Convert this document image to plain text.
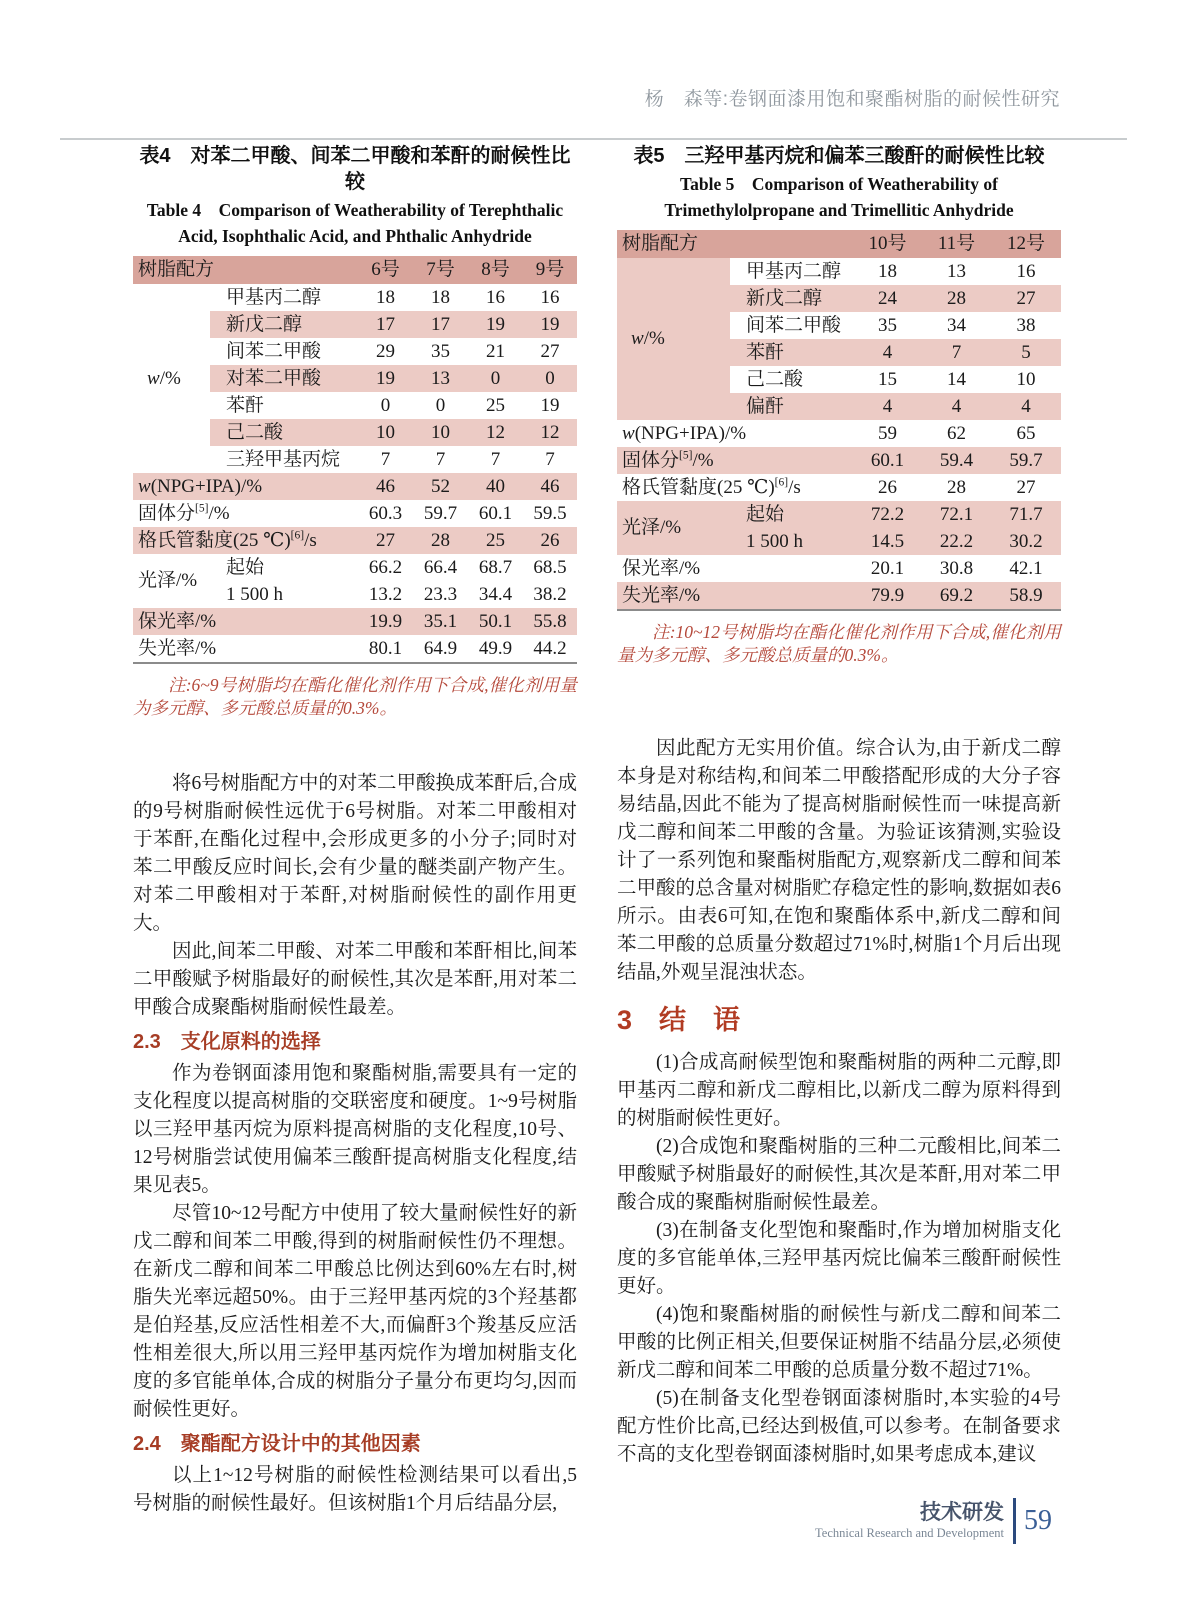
杨　森等:卷钢面漆用饱和聚酯树脂的耐候性研究

表4　对苯二甲酸、间苯二甲酸和苯酐的耐候性比较

Table 4　Comparison of Weatherability of Terephthalic

Acid, Isophthalic Acid, and Phthalic Anhydride

树脂配方		6号	7号	8号	9号
w/%	甲基丙二醇	18	18	16	16
	新戊二醇	17	17	19	19
	间苯二甲酸	29	35	21	27
	对苯二甲酸	19	13	0	0
	苯酐	0	0	25	19
	己二酸	10	10	12	12
	三羟甲基丙烷	7	7	7	7
w(NPG+IPA)/%		46	52	40	46
固体分[5]/%		60.3	59.7	60.1	59.5
格氏管黏度(25 ℃)[6]/s		27	28	25	26
光泽/%	起始	66.2	66.4	68.7	68.5
	1 500 h	13.2	23.3	34.4	38.2
保光率/%		19.9	35.1	50.1	55.8
失光率/%		80.1	64.9	49.9	44.2

注:6~9号树脂均在酯化催化剂作用下合成,催化剂用量为多元醇、多元酸总质量的0.3%。

将6号树脂配方中的对苯二甲酸换成苯酐后,合成的9号树脂耐候性远优于6号树脂。对苯二甲酸相对于苯酐,在酯化过程中,会形成更多的小分子;同时对苯二甲酸反应时间长,会有少量的醚类副产物产生。对苯二甲酸相对于苯酐,对树脂耐候性的副作用更大。

因此,间苯二甲酸、对苯二甲酸和苯酐相比,间苯二甲酸赋予树脂最好的耐候性,其次是苯酐,用对苯二甲酸合成聚酯树脂耐候性最差。

2.3　支化原料的选择

作为卷钢面漆用饱和聚酯树脂,需要具有一定的支化程度以提高树脂的交联密度和硬度。1~9号树脂以三羟甲基丙烷为原料提高树脂的支化程度,10号、12号树脂尝试使用偏苯三酸酐提高树脂支化程度,结果见表5。

尽管10~12号配方中使用了较大量耐候性好的新戊二醇和间苯二甲酸,得到的树脂耐候性仍不理想。在新戊二醇和间苯二甲酸总比例达到60%左右时,树脂失光率远超50%。由于三羟甲基丙烷的3个羟基都是伯羟基,反应活性相差不大,而偏酐3个羧基反应活性相差很大,所以用三羟甲基丙烷作为增加树脂支化度的多官能单体,合成的树脂分子量分布更均匀,因而耐候性更好。

2.4　聚酯配方设计中的其他因素

以上1~12号树脂的耐候性检测结果可以看出,5号树脂的耐候性最好。但该树脂1个月后结晶分层,

表5　三羟甲基丙烷和偏苯三酸酐的耐候性比较

Table 5　Comparison of Weatherability of

Trimethylolpropane and Trimellitic Anhydride

树脂配方		10号	11号	12号
w/%	甲基丙二醇	18	13	16
	新戊二醇	24	28	27
	间苯二甲酸	35	34	38
	苯酐	4	7	5
	己二酸	15	14	10
	偏酐	4	4	4
w(NPG+IPA)/%		59	62	65
固体分[5]/%		60.1	59.4	59.7
格氏管黏度(25 ℃)[6]/s		26	28	27
光泽/%	起始	72.2	72.1	71.7
	1 500 h	14.5	22.2	30.2
保光率/%		20.1	30.8	42.1
失光率/%		79.9	69.2	58.9

注:10~12号树脂均在酯化催化剂作用下合成,催化剂用量为多元醇、多元酸总质量的0.3%。

因此配方无实用价值。综合认为,由于新戊二醇本身是对称结构,和间苯二甲酸搭配形成的大分子容易结晶,因此不能为了提高树脂耐候性而一味提高新戊二醇和间苯二甲酸的含量。为验证该猜测,实验设计了一系列饱和聚酯树脂配方,观察新戊二醇和间苯二甲酸的总含量对树脂贮存稳定性的影响,数据如表6所示。由表6可知,在饱和聚酯体系中,新戊二醇和间苯二甲酸的总质量分数超过71%时,树脂1个月后出现结晶,外观呈混浊状态。

3　结　语

(1)合成高耐候型饱和聚酯树脂的两种二元醇,即甲基丙二醇和新戊二醇相比,以新戊二醇为原料得到的树脂耐候性更好。

(2)合成饱和聚酯树脂的三种二元酸相比,间苯二甲酸赋予树脂最好的耐候性,其次是苯酐,用对苯二甲酸合成的聚酯树脂耐候性最差。

(3)在制备支化型饱和聚酯时,作为增加树脂支化度的多官能单体,三羟甲基丙烷比偏苯三酸酐耐候性更好。

(4)饱和聚酯树脂的耐候性与新戊二醇和间苯二甲酸的比例正相关,但要保证树脂不结晶分层,必须使新戊二醇和间苯二甲酸的总质量分数不超过71%。

(5)在制备支化型卷钢面漆树脂时,本实验的4号配方性价比高,已经达到极值,可以参考。在制备要求不高的支化型卷钢面漆树脂时,如果考虑成本,建议

技术研发
Technical Research and Development 59
